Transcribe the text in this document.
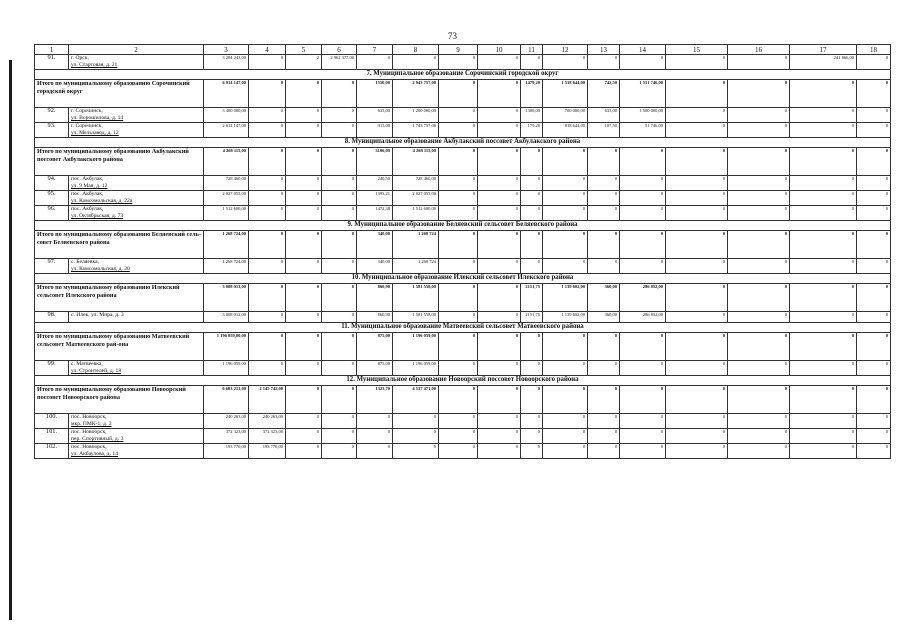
73
1	2	3	4	5	6	7	8	9	10	11	12	13	14	15	16	17	18
91.	г. Орск,
ул. Стартовая, д. 21	3 204 243,00	0	2	2 962 377,00	0	0	0	0	0	0	0	0	0	0	241 866,00	0
7. Муниципальное образование Сорочинский городской округ																	
Итого по муниципальному образованию Сорочинский городской округ		6 014 147,00	0	0	0	1550,00	2 943 757,00	0	0	1479,20	1 518 644,00	742,50	1 551 746,00	0	0	0	0
92.	г. Сорочинск,
ул. Ворошилова, д. 14	3 400 000,00	0	0	0	635,00	1 200 000,00	0	0	1300,00	700 000,00	635,00	1 500 000,00	0	0	0	0
93.	г. Сорочинск,
ул. Мельзавод, д. 12	2 614 147,00	0	0	0	915,00	1 743 757,00	0	0	179,20	818 644,00	107,50	51 746,00	0	0	0	0
8. Муниципальное образование Акбулакский поссовет Акбулакского района																	
Итого по муниципальному образованию Акбулакский поссовет Акбулакского района		4 268 115,00	0	0	0	3106,09	4 268 115,00	0	0	0	0	0	0	0	0	0	0
94.	пос. Акбулак,
ул. 9 Мая, д. 12	728 460,00	0	0	0	240,50	728 460,00	0	0	0	0	0	0	0	0	0	0
95.	пос. Акбулак,
ул. Комсомольская, д. 22а	2 027 055,00	0	0	0	1393,21	2 027 055,00	0	0	0	0	0	0	0	0	0	0
96.	пос. Акбулак,
ул. Октябрьская, д. 73	1 512 600,00	0	0	0	1472,38	1 512 600,00	0	0	0	0	0	0	0	0	0	0
9. Муниципальное образование Беляевский сельсовет Беляевского района																	
Итого по муниципальному образованию Беляевский сель-совет Беляевского района		1 268 724,00	0	0	0	340,00	1 268 724	0	0	0	0	0	0	0	0	0	0
97.	с. Беляевка,
ул. Комсомольская, д. 20	1 268 724,00	0	0	0	340,00	1 268 724	0	0	0	0	0	0	0	0	0	0
10. Муниципальное образование Илекский сельсовет Илекского района																	
Итого по муниципальному образованию Илекский сельсовет Илекского района		3 008 013,00	0	0	0	860,90	1 581 558,00	0	0	2151,75	1 139 602,00	360,00	286 852,00	0	0	0	0
98.	с. Илек, ул. Мира, д. 3	3 008 012,00	0	0	0	860,90	1 581 558,00	0	0	2151,75	1 139 602,00	360,00	286 852,00	0	0	0	0
11. Муниципальное образование Матвеевский сельсовет Матвеевского района																	
Итого по муниципальному образованию Матвеевский сельсовет Матвеевского рай-она		1 196 059,00,00	0	0	0	875,00	1 196 059,00	0	0	0	0	0	0	0	0	0	0
99.	с. Матвеевка,
ул. Строителей, д. 18	1 196 059,00	0	0	0	875,00	1 196 059,00	0	0	0	0	0	0	0	0	0	0
12. Муниципальное образование Новоорский поссовет Новоорского района																	
Итого по муниципальному образованию Новоорский поссовет Новоорского района		6 683 213,00	2 145 742,00	0	0	1325,70	4 537 471,00	0	0	0	0	0	0	0	0	0	0
100.	пос. Новоорск,
мкр. ПМК-1, д. 3	240 263,00	240 263,00	0	0	0	0	0	0	0	0	0	0	0	0	0	0
101.	пос. Новоорск,
пер. Спортивный, д. 3	372 323,00	372 323,00	0	0	0	0	0	0	0	0	0	0	0	0	0	0
102.	пос. Новоорск,
ул. Акбаулова, д. 14	193 770,00	193 770,00	0	0	0	0	0	0	0	0	0	0	0	0	0	0
